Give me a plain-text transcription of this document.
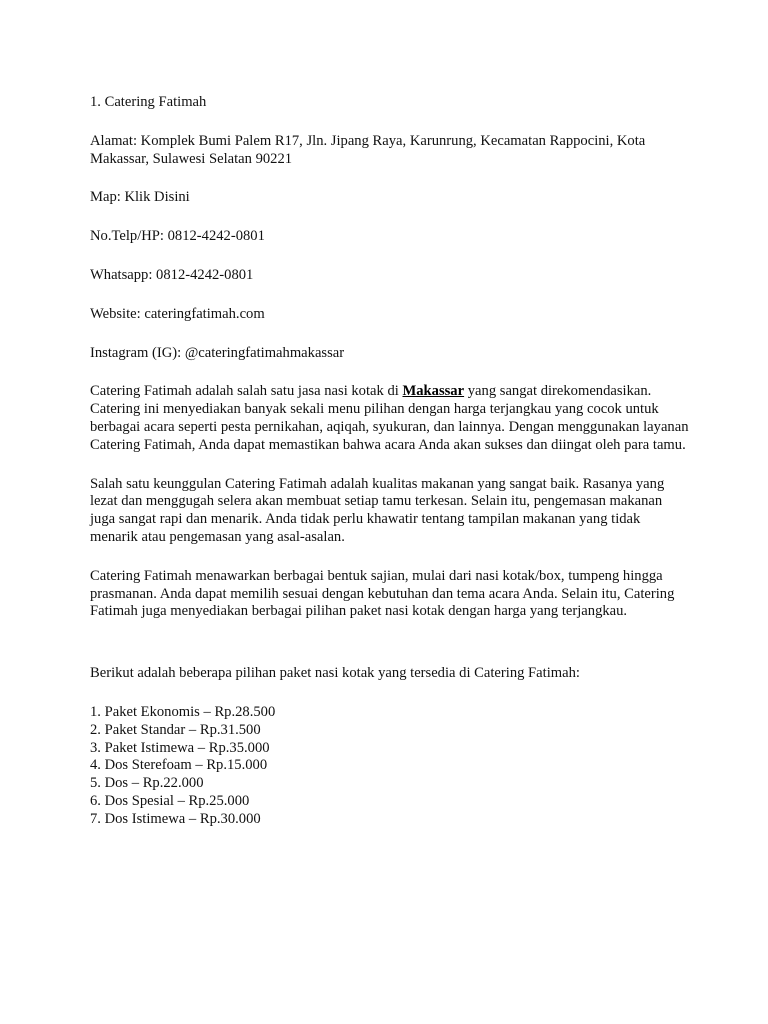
1. Catering Fatimah

Alamat: Komplek Bumi Palem R17, Jln. Jipang Raya, Karunrung, Kecamatan Rappocini, Kota Makassar, Sulawesi Selatan 90221

Map: Klik Disini

No.Telp/HP: 0812-4242-0801

Whatsapp: 0812-4242-0801

Website: cateringfatimah.com

Instagram (IG): @cateringfatimahmakassar

Catering Fatimah adalah salah satu jasa nasi kotak di Makassar yang sangat direkomendasikan. Catering ini menyediakan banyak sekali menu pilihan dengan harga terjangkau yang cocok untuk berbagai acara seperti pesta pernikahan, aqiqah, syukuran, dan lainnya. Dengan menggunakan layanan Catering Fatimah, Anda dapat memastikan bahwa acara Anda akan sukses dan diingat oleh para tamu.

Salah satu keunggulan Catering Fatimah adalah kualitas makanan yang sangat baik. Rasanya yang lezat dan menggugah selera akan membuat setiap tamu terkesan. Selain itu, pengemasan makanan juga sangat rapi dan menarik. Anda tidak perlu khawatir tentang tampilan makanan yang tidak menarik atau pengemasan yang asal-asalan.

Catering Fatimah menawarkan berbagai bentuk sajian, mulai dari nasi kotak/box, tumpeng hingga prasmanan. Anda dapat memilih sesuai dengan kebutuhan dan tema acara Anda. Selain itu, Catering Fatimah juga menyediakan berbagai pilihan paket nasi kotak dengan harga yang terjangkau.

Berikut adalah beberapa pilihan paket nasi kotak yang tersedia di Catering Fatimah:

1. Paket Ekonomis – Rp.28.500
2. Paket Standar – Rp.31.500
3. Paket Istimewa – Rp.35.000
4. Dos Sterefoam – Rp.15.000
5. Dos – Rp.22.000
6. Dos Spesial – Rp.25.000
7. Dos Istimewa – Rp.30.000
